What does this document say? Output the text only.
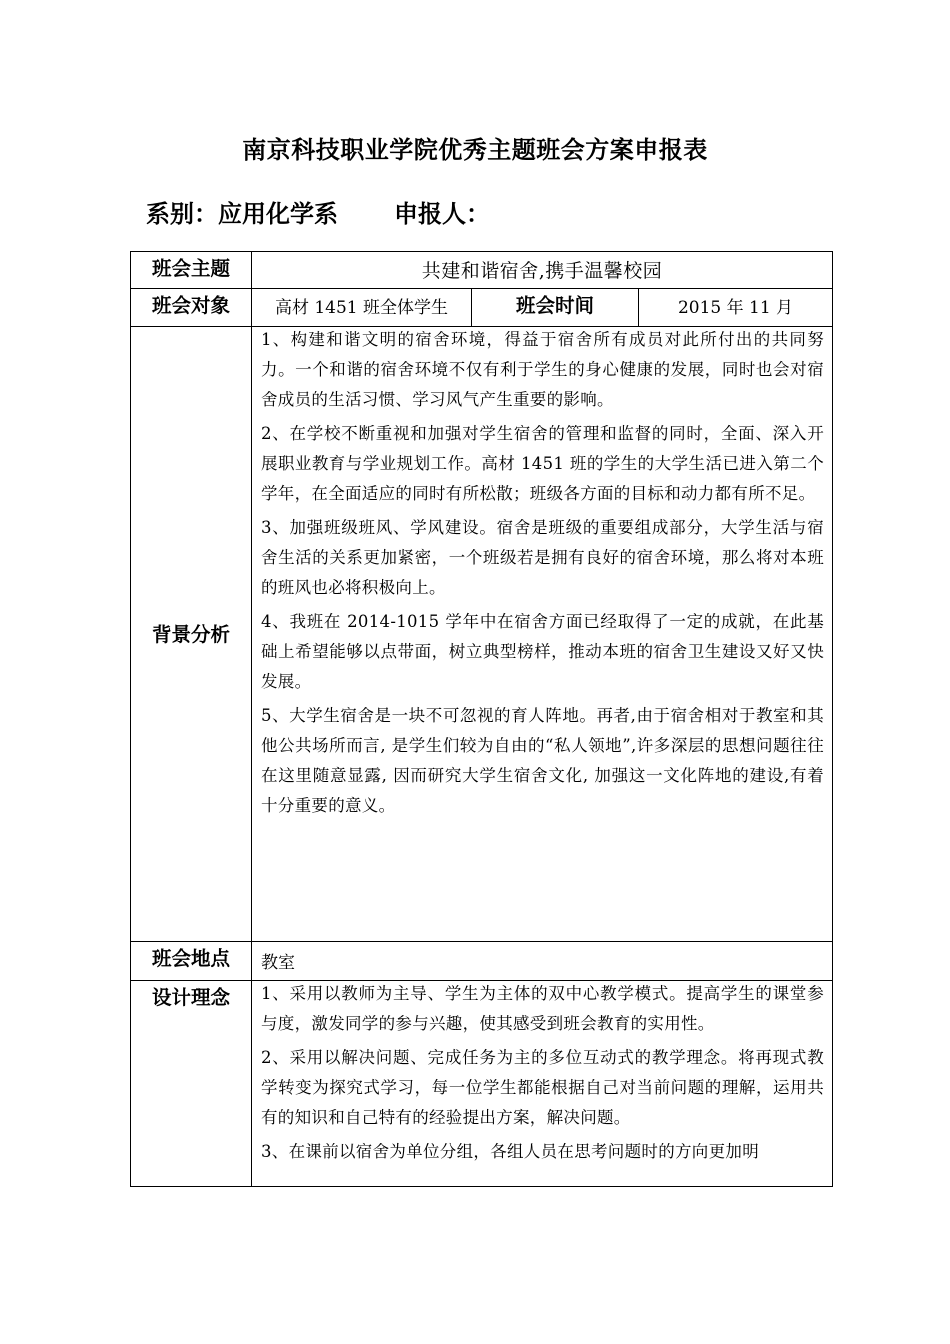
南京科技职业学院优秀主题班会方案申报表
系别：应用化学系 申报人：
班会主题	共建和谐宿舍,携手温馨校园		
班会对象	高材 1451 班全体学生	班会时间	2015 年 11 月
背景分析	1、构建和谐文明的宿舍环境，得益于宿舍所有成员对此所付出的共同努力。一个和谐的宿舍环境不仅有利于学生的身心健康的发展，同时也会对宿舍成员的生活习惯、学习风气产生重要的影响。

2、在学校不断重视和加强对学生宿舍的管理和监督的同时，全面、深入开展职业教育与学业规划工作。高材 1451 班的学生的大学生活已进入第二个学年，在全面适应的同时有所松散；班级各方面的目标和动力都有所不足。

3、加强班级班风、学风建设。宿舍是班级的重要组成部分，大学生活与宿舍生活的关系更加紧密，一个班级若是拥有良好的宿舍环境，那么将对本班的班风也必将积极向上。

4、我班在 2014-1015 学年中在宿舍方面已经取得了一定的成就，在此基础上希望能够以点带面，树立典型榜样，推动本班的宿舍卫生建设又好又快发展。

5、大学生宿舍是一块不可忽视的育人阵地。再者,由于宿舍相对于教室和其他公共场所而言, 是学生们较为自由的“私人领地”,许多深层的思想问题往往在这里随意显露, 因而研究大学生宿舍文化, 加强这一文化阵地的建设,有着十分重要的意义。		

班会地点	教室		
设计理念	1、采用以教师为主导、学生为主体的双中心教学模式。提高学生的课堂参与度，激发同学的参与兴趣，使其感受到班会教育的实用性。

2、采用以解决问题、完成任务为主的多位互动式的教学理念。将再现式教学转变为探究式学习，每一位学生都能根据自己对当前问题的理解，运用共有的知识和自己特有的经验提出方案，解决问题。

3、在课前以宿舍为单位分组，各组人员在思考问题时的方向更加明		
